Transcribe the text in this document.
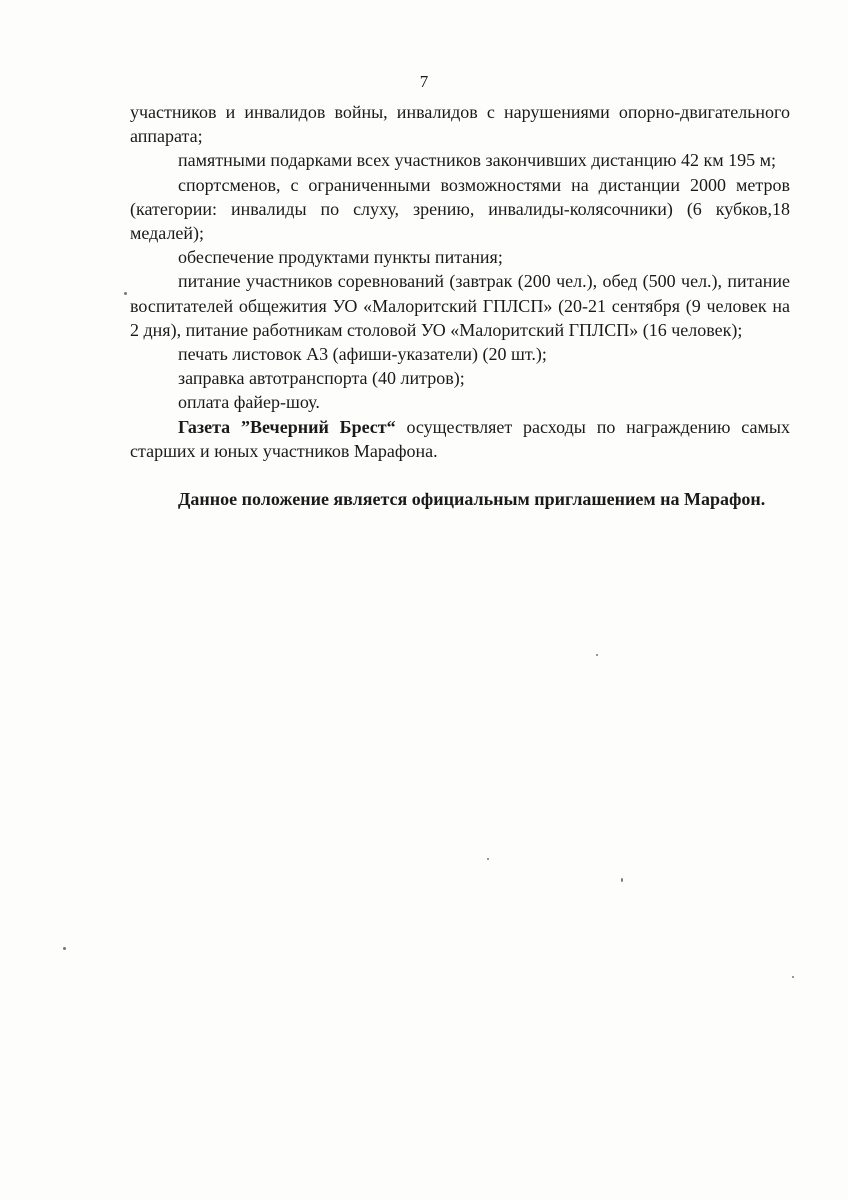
7

участников и инвалидов войны, инвалидов с нарушениями опорно-двигательного аппарата;

памятными подарками всех участников закончивших дистанцию 42 км 195 м;

спортсменов, с ограниченными возможностями на дистанции 2000 метров (категории: инвалиды по слуху, зрению, инвалиды-колясочники) (6 кубков,18 медалей);

обеспечение продуктами пункты питания;

питание участников соревнований (завтрак (200 чел.), обед (500 чел.), питание воспитателей общежития УО «Малоритский ГПЛСП» (20-21 сентября (9 человек на 2 дня), питание работникам столовой УО «Малоритский ГПЛСП» (16 человек);

печать листовок А3 (афиши-указатели) (20 шт.);

заправка автотранспорта (40 литров);

оплата файер-шоу.

Газета ”Вечерний Брест“ осуществляет расходы по награждению самых старших и юных участников Марафона.

Данное положение является официальным приглашением на Марафон.
